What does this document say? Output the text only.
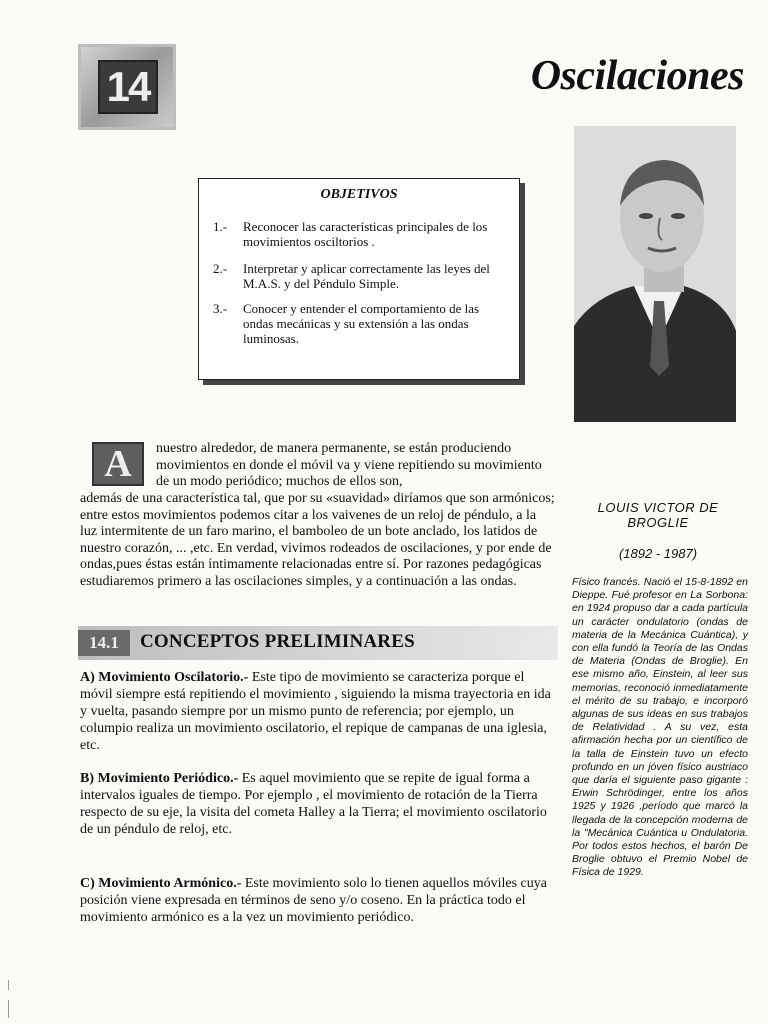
14	Oscilaciones
OBJETIVOS
1.- Reconocer las características principales de los movimientos osciltorios .
2.- Interpretar y aplicar correctamente las leyes del M.A.S. y del Péndulo Simple.
3.- Conocer y entender el comportamiento de las ondas mecánicas y su extensión a las ondas luminosas.
A	nuestro alrededor, de manera permanente, se están produciendo movimientos en donde el móvil va y viene repitiendo su movimiento de un modo periódico; muchos de ellos son,
además de una característica tal, que por su «suavidad» diríamos que son armónicos; entre estos movimientos podemos citar a los vaivenes de un reloj de péndulo, a la luz intermitente de un faro marino, el bamboleo de un bote anclado, los latidos de nuestro corazón, ... ,etc. En verdad, vivimos rodeados de oscilaciones, y por ende de ondas,pues éstas están íntimamente relacionadas entre sí. Por razones pedagógicas estudiaremos primero a las oscilaciones simples, y a continuación a las ondas.
14.1	CONCEPTOS PRELIMINARES
A) Movimiento Oscilatorio.- Este tipo de movimiento se caracteriza porque el móvil siempre está repitiendo el movimiento , siguiendo la misma trayectoria en ida y vuelta, pasando siempre por un mismo punto de referencia; por ejemplo, un columpio realiza un movimiento oscilatorio, el repique de campanas de una iglesia, etc.
B) Movimiento Periódico.- Es aquel movimiento que se repite de igual forma a intervalos iguales de tiempo. Por ejemplo , el movimiento de rotación de la Tierra respecto de su eje, la visita del cometa Halley a la Tierra; el movimiento oscilatorio de un péndulo de reloj, etc.
C) Movimiento Armónico.- Este movimiento solo lo tienen aquellos móviles cuya posición viene expresada en términos de seno y/o coseno. En la práctica todo el movimiento armónico es a la vez un movimiento periódico.
LOUIS VICTOR DE BROGLIE
(1892 - 1987)
Físico francés. Nació el 15-8-1892 en Dieppe. Fué profesor en La Sorbona: en 1924 propuso dar a cada partícula un carácter ondulatorio (ondas de materia de la Mecánica Cuántica), y con ella fundó la Teoría de las Ondas de Materia (Ondas de Broglie). En ese mismo año, Einstein, al leer sus memorias, reconoció inmediatamente el mérito de su trabajo, e incorporó algunas de sus ideas en sus trabajos de Relatividad . A su vez, esta afirmación hecha por un científico de la talla de Einstein tuvo un efecto profundo en un jóven físico austriaco que daría el siguiente paso gigante : Erwin Schrödinger, entre los años 1925 y 1926 ,período que marcó la llegada de la concepción moderna de la "Mecánica Cuántica u Ondulatoria. Por todos estos hechos, el barón De Broglie obtuvo el Premio Nobel de Física de 1929.
